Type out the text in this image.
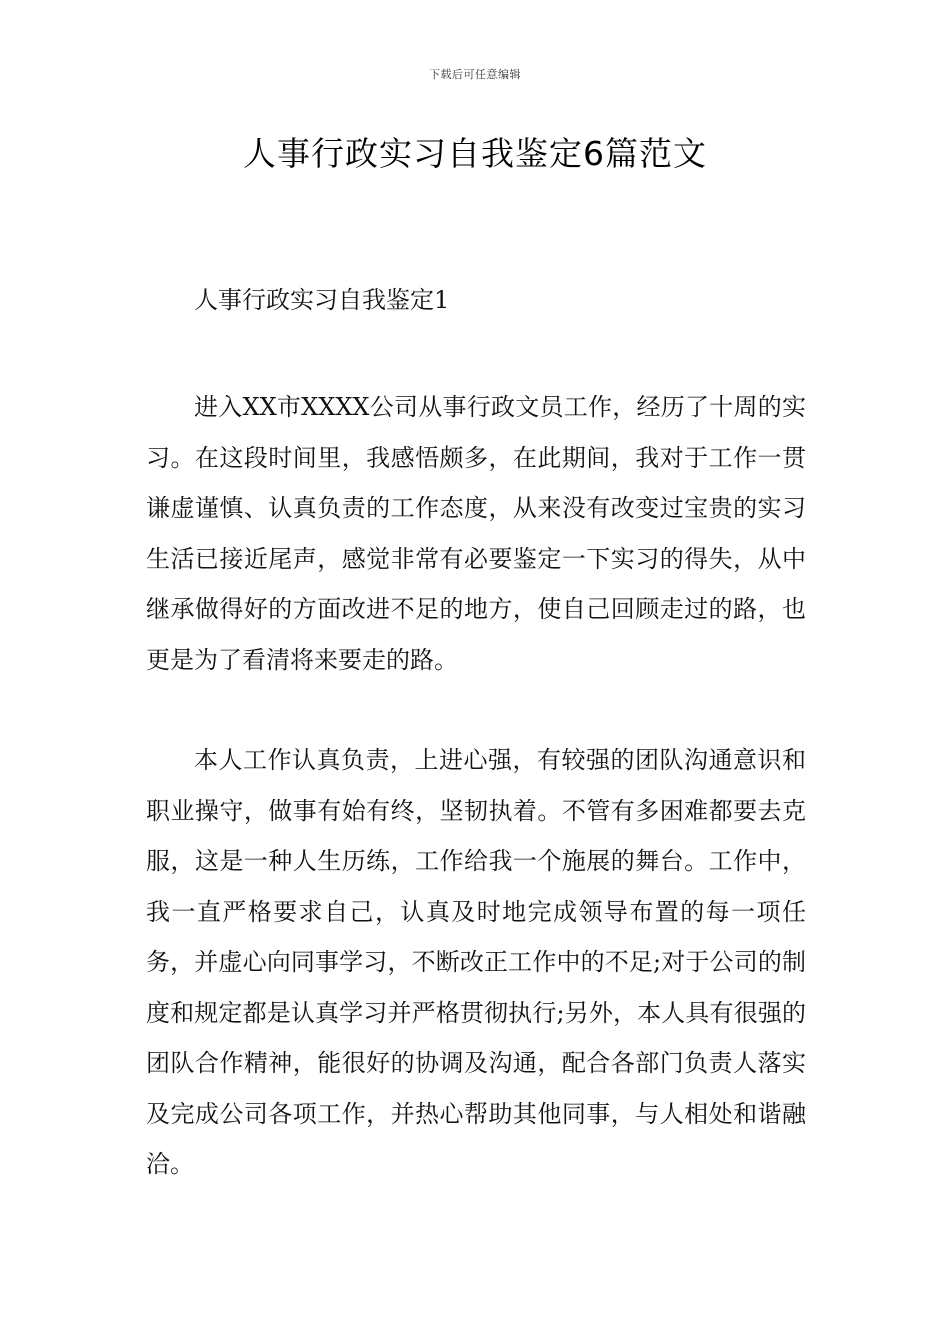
下载后可任意编辑
人事行政实习自我鉴定6篇范文

人事行政实习自我鉴定1

进入XX市XXXX公司从事行政文员工作，经历了十周的实习。在这段时间里，我感悟颇多，在此期间，我对于工作一贯谦虚谨慎、认真负责的工作态度，从来没有改变过宝贵的实习生活已接近尾声，感觉非常有必要鉴定一下实习的得失，从中继承做得好的方面改进不足的地方，使自己回顾走过的路，也更是为了看清将来要走的路。

本人工作认真负责，上进心强，有较强的团队沟通意识和职业操守，做事有始有终，坚韧执着。不管有多困难都要去克服，这是一种人生历练，工作给我一个施展的舞台。工作中，我一直严格要求自己，认真及时地完成领导布置的每一项任务，并虚心向同事学习，不断改正工作中的不足;对于公司的制度和规定都是认真学习并严格贯彻执行;另外，本人具有很强的团队合作精神，能很好的协调及沟通，配合各部门负责人落实及完成公司各项工作，并热心帮助其他同事，与人相处和谐融洽。
